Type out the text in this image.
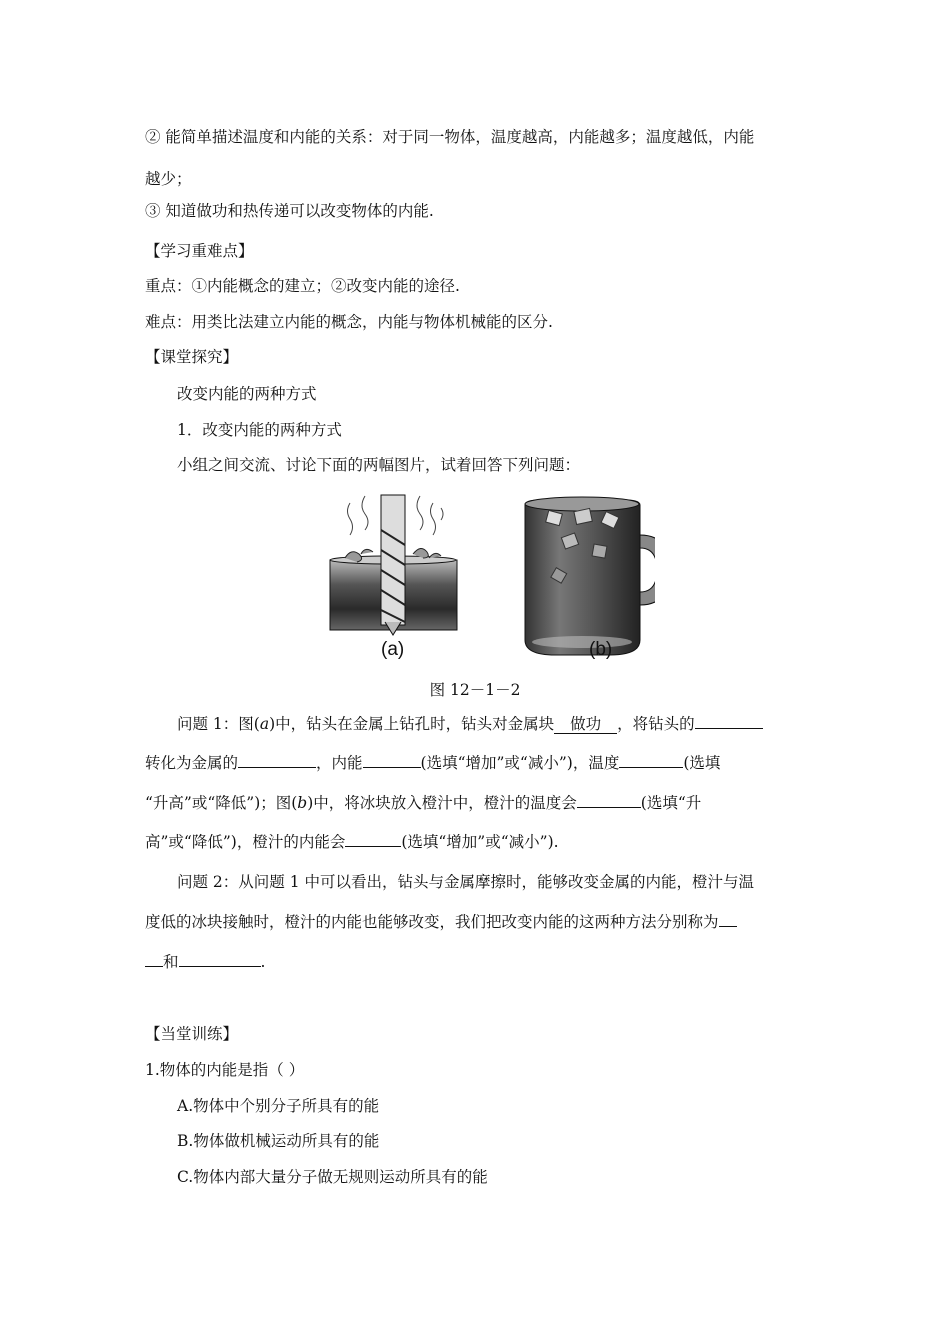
② 能简单描述温度和内能的关系：对于同一物体，温度越高，内能越多；温度越低，内能
越少；
③ 知道做功和热传递可以改变物体的内能.
【学习重难点】
重点：①内能概念的建立；②改变内能的途径.
难点：用类比法建立内能的概念，内能与物体机械能的区分.
【课堂探究】
改变内能的两种方式
1．改变内能的两种方式
小组之间交流、讨论下面的两幅图片，试着回答下列问题：
(a)	(b)
图 12－1－2
问题 1：图(a)中，钻头在金属上钻孔时，钻头对金属块 做功 ，将钻头的
转化为金属的	，内能	(选填“增加”或“减小”)，温度	(选填
“升高”或“降低”)；图(b)中，将冰块放入橙汁中，橙汁的温度会	(选填“升
高”或“降低”)，橙汁的内能会	(选填“增加”或“减小”).
问题 2：从问题 1 中可以看出，钻头与金属摩擦时，能够改变金属的内能，橙汁与温
度低的冰块接触时，橙汁的内能也能够改变，我们把改变内能的这两种方法分别称为
和	.
【当堂训练】
1.物体的内能是指（ ）
A.物体中个别分子所具有的能
B.物体做机械运动所具有的能
C.物体内部大量分子做无规则运动所具有的能
